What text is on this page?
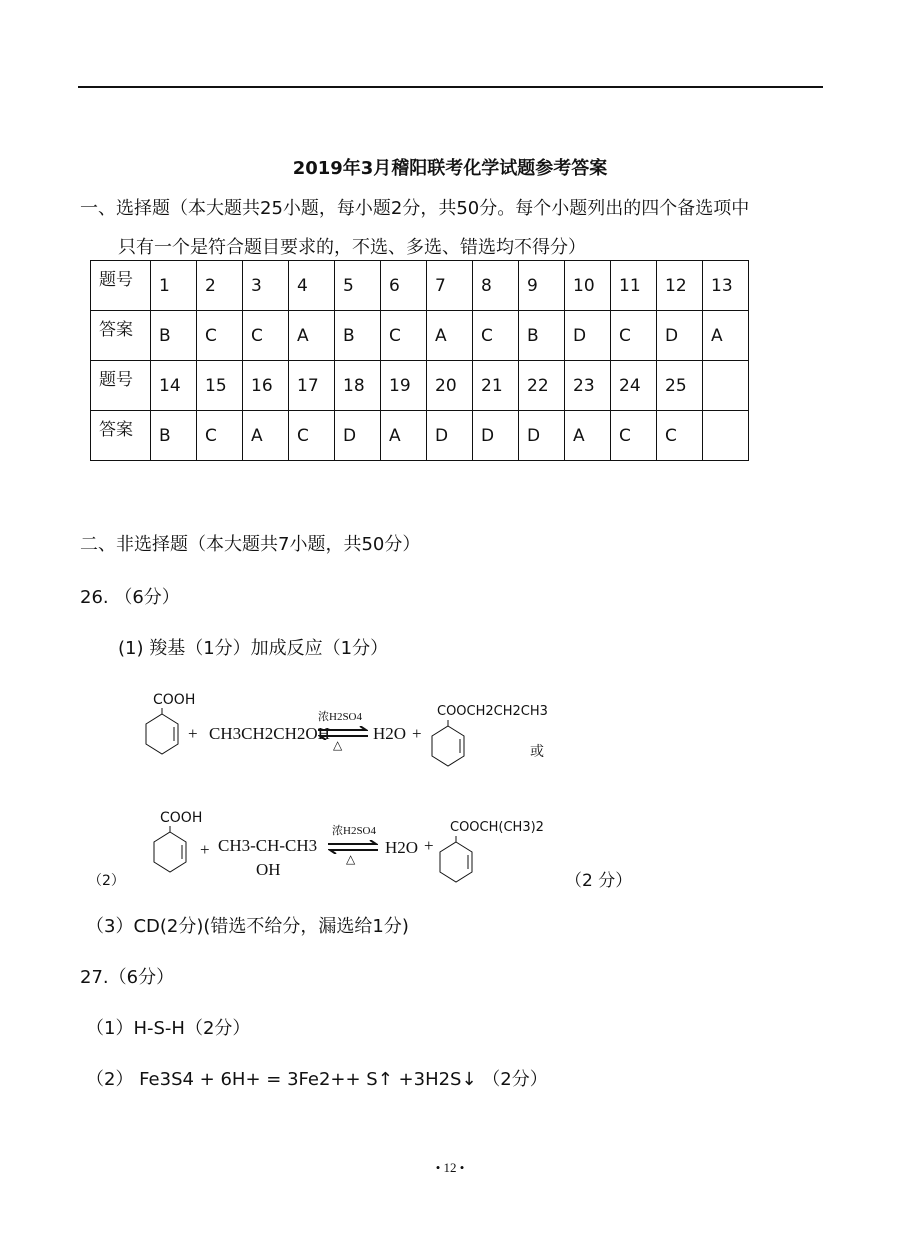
2019年3月稽阳联考化学试题参考答案
一、选择题（本大题共25小题，每小题2分，共50分。每个小题列出的四个备选项中
只有一个是符合题目要求的，不选、多选、错选均不得分）
题号	1	2	3	4	5	6	7	8	9	10	11	12	13
答案	B	C	C	A	B	C	A	C	B	D	C	D	A
题号	14	15	16	17	18	19	20	21	22	23	24	25	
答案	B	C	A	C	D	A	D	D	D	A	C	C	
二、非选择题（本大题共7小题，共50分）
26. （6分）
(1) 羧基（1分）加成反应（1分）
COOH
+ CH3CH2CH2OH
浓H2SO4
△
H2O +
COOCH2CH2CH3
或
（2）
COOH
+ CH3-CH-CH3
OH
浓H2SO4
△
H2O +
COOCH(CH3)2
（2 分）
（3）CD(2分)(错选不给分，漏选给1分)
27.（6分）
（1）H-S-H（2分）
（2） Fe3S4 + 6H+ = 3Fe2++ S↑ +3H2S↓ （2分）
• 12 •
